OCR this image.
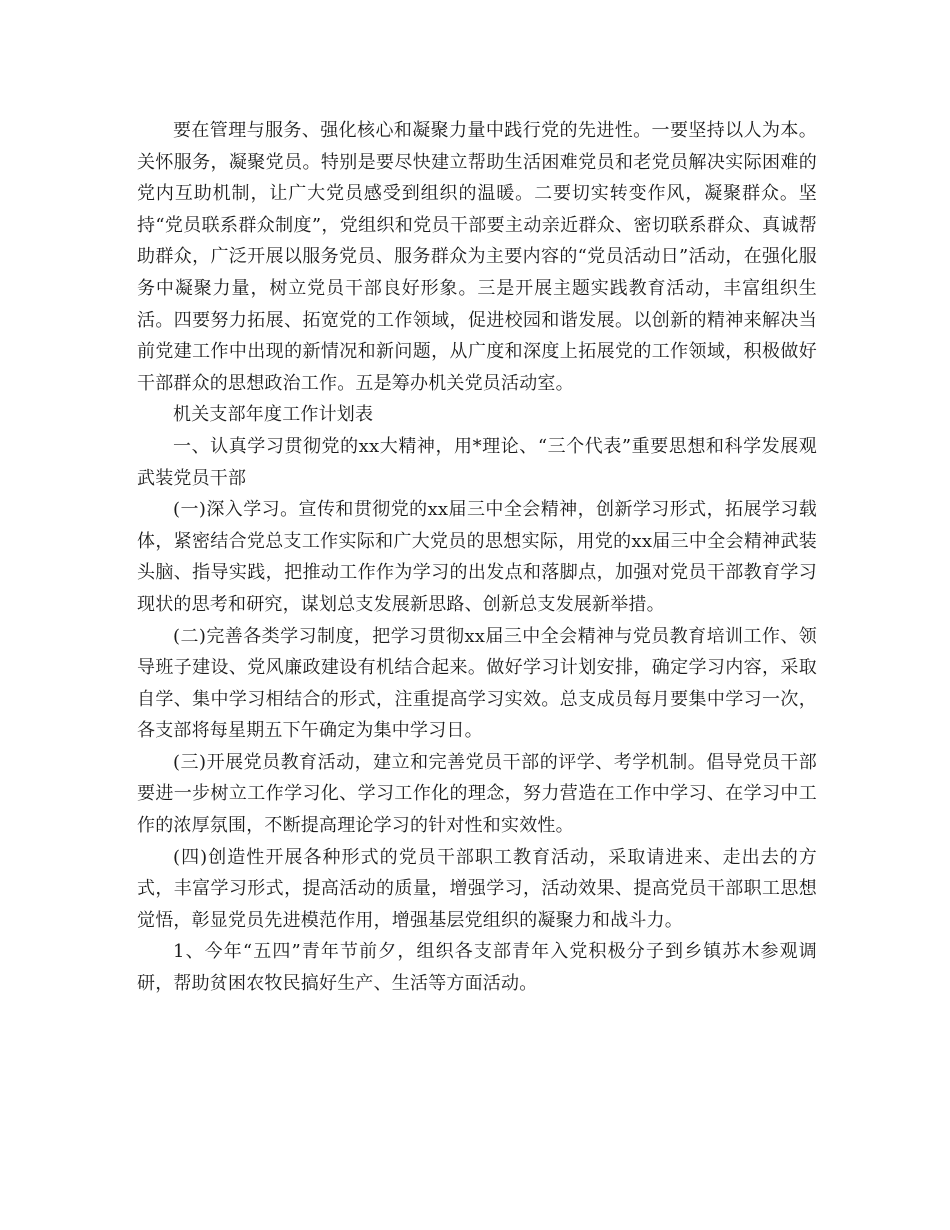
要在管理与服务、强化核心和凝聚力量中践行党的先进性。一要坚持以人为本。关怀服务，凝聚党员。特别是要尽快建立帮助生活困难党员和老党员解决实际困难的党内互助机制，让广大党员感受到组织的温暖。二要切实转变作风，凝聚群众。坚持“党员联系群众制度”，党组织和党员干部要主动亲近群众、密切联系群众、真诚帮助群众，广泛开展以服务党员、服务群众为主要内容的“党员活动日”活动，在强化服务中凝聚力量，树立党员干部良好形象。三是开展主题实践教育活动，丰富组织生活。四要努力拓展、拓宽党的工作领域，促进校园和谐发展。以创新的精神来解决当前党建工作中出现的新情况和新问题，从广度和深度上拓展党的工作领域，积极做好干部群众的思想政治工作。五是筹办机关党员活动室。

机关支部年度工作计划表

一、认真学习贯彻党的xx大精神，用*理论、“三个代表”重要思想和科学发展观武装党员干部

(一)深入学习。宣传和贯彻党的xx届三中全会精神，创新学习形式，拓展学习载体，紧密结合党总支工作实际和广大党员的思想实际，用党的xx届三中全会精神武装头脑、指导实践，把推动工作作为学习的出发点和落脚点，加强对党员干部教育学习现状的思考和研究，谋划总支发展新思路、创新总支发展新举措。

(二)完善各类学习制度，把学习贯彻xx届三中全会精神与党员教育培训工作、领导班子建设、党风廉政建设有机结合起来。做好学习计划安排，确定学习内容，采取自学、集中学习相结合的形式，注重提高学习实效。总支成员每月要集中学习一次，各支部将每星期五下午确定为集中学习日。

(三)开展党员教育活动，建立和完善党员干部的评学、考学机制。倡导党员干部要进一步树立工作学习化、学习工作化的理念，努力营造在工作中学习、在学习中工作的浓厚氛围，不断提高理论学习的针对性和实效性。

(四)创造性开展各种形式的党员干部职工教育活动，采取请进来、走出去的方式，丰富学习形式，提高活动的质量，增强学习，活动效果、提高党员干部职工思想觉悟，彰显党员先进模范作用，增强基层党组织的凝聚力和战斗力。

1、今年“五四”青年节前夕，组织各支部青年入党积极分子到乡镇苏木参观调研，帮助贫困农牧民搞好生产、生活等方面活动。
